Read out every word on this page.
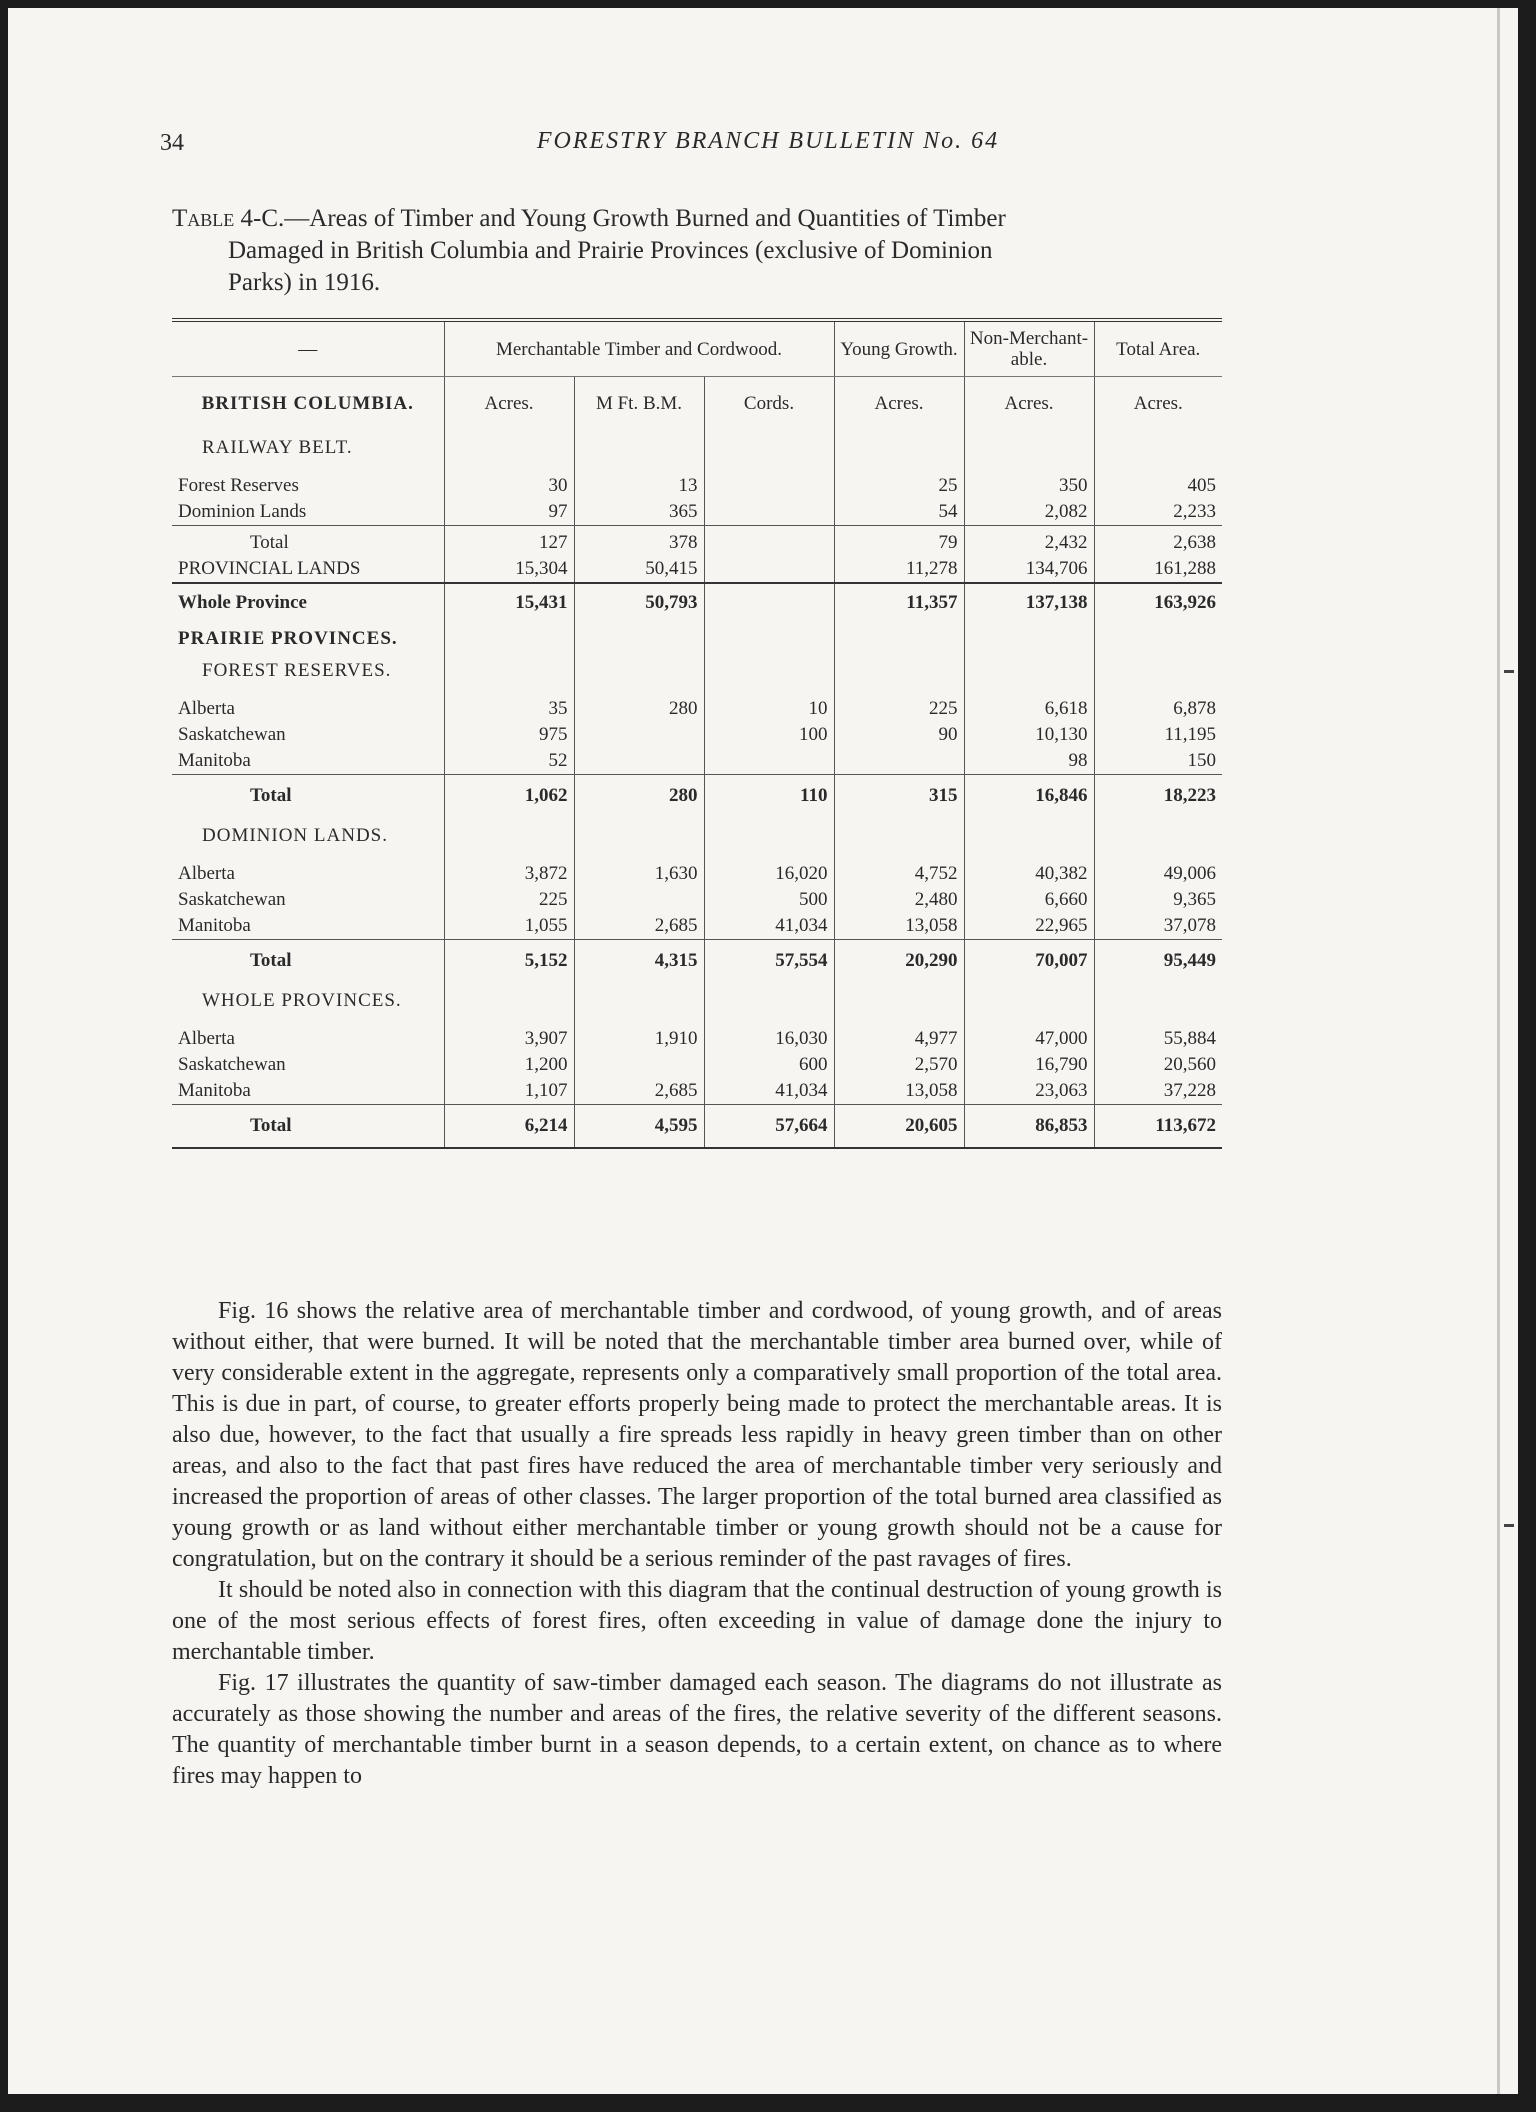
34	FORESTRY BRANCH BULLETIN No. 64
Table 4-C.—Areas of Timber and Young Growth Burned and Quantities of Timber
Damaged in British Columbia and Prairie Provinces (exclusive of Dominion
Parks) in 1916.
—	Merchantable Timber and Cordwood.			Young Growth.	Non-Merchant-able.	Total Area.
BRITISH COLUMBIA.	Acres.	M Ft. B.M.	Cords.	Acres.	Acres.	Acres.
RAILWAY BELT.						
Forest Reserves	30	13		25	350	405
Dominion Lands	97	365		54	2,082	2,233
Total	127	378		79	2,432	2,638
PROVINCIAL LANDS	15,304	50,415		11,278	134,706	161,288
Whole Province	15,431	50,793		11,357	137,138	163,926
PRAIRIE PROVINCES.						
FOREST RESERVES.						
Alberta	35	280	10	225	6,618	6,878
Saskatchewan	975		100	90	10,130	11,195
Manitoba	52				98	150
Total	1,062	280	110	315	16,846	18,223
DOMINION LANDS.						
Alberta	3,872	1,630	16,020	4,752	40,382	49,006
Saskatchewan	225		500	2,480	6,660	9,365
Manitoba	1,055	2,685	41,034	13,058	22,965	37,078
Total	5,152	4,315	57,554	20,290	70,007	95,449
WHOLE PROVINCES.						
Alberta	3,907	1,910	16,030	4,977	47,000	55,884
Saskatchewan	1,200		600	2,570	16,790	20,560
Manitoba	1,107	2,685	41,034	13,058	23,063	37,228
Total	6,214	4,595	57,664	20,605	86,853	113,672

Fig. 16 shows the relative area of merchantable timber and cordwood, of young growth, and of areas without either, that were burned. It will be noted that the merchantable timber area burned over, while of very considerable extent in the aggregate, represents only a comparatively small proportion of the total area. This is due in part, of course, to greater efforts properly being made to protect the merchantable areas. It is also due, however, to the fact that usually a fire spreads less rapidly in heavy green timber than on other areas, and also to the fact that past fires have reduced the area of merchantable timber very seriously and increased the proportion of areas of other classes. The larger proportion of the total burned area classified as young growth or as land without either merchantable timber or young growth should not be a cause for congratulation, but on the contrary it should be a serious reminder of the past ravages of fires.

It should be noted also in connection with this diagram that the continual destruction of young growth is one of the most serious effects of forest fires, often exceeding in value of damage done the injury to merchantable timber.

Fig. 17 illustrates the quantity of saw-timber damaged each season. The diagrams do not illustrate as accurately as those showing the number and areas of the fires, the relative severity of the different seasons. The quantity of merchantable timber burnt in a season depends, to a certain extent, on chance as to where fires may happen to
